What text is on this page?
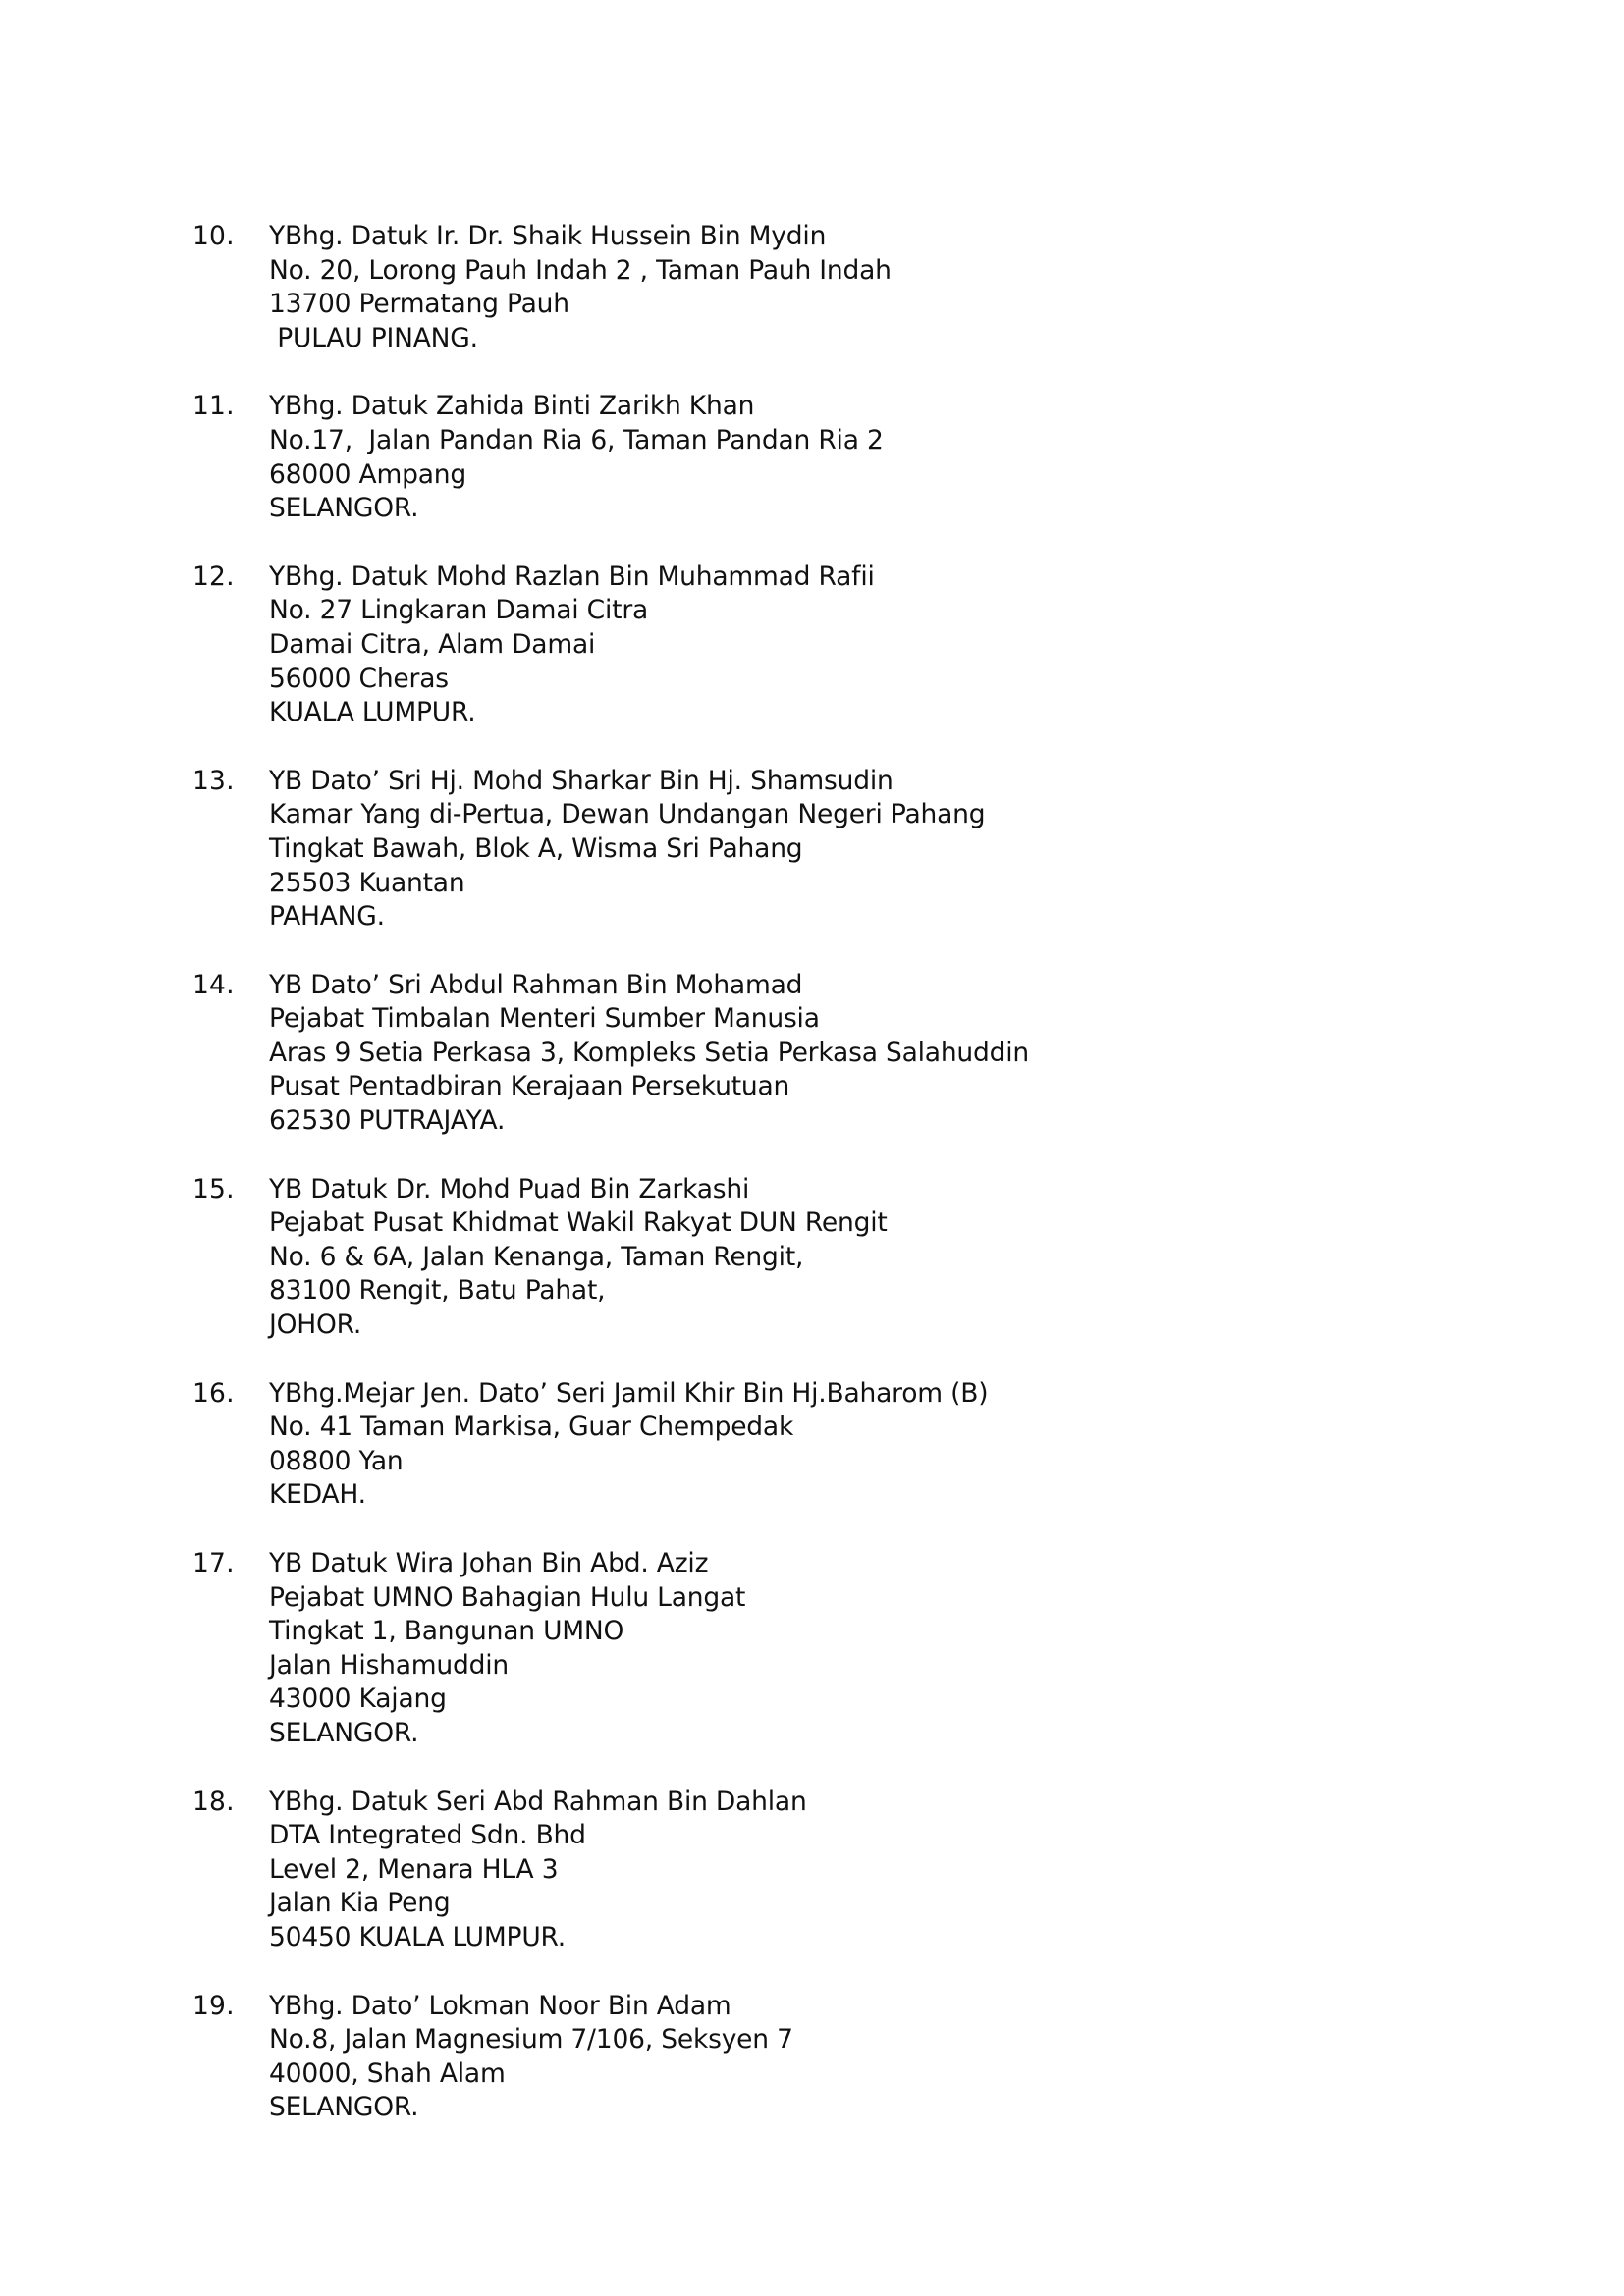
10.	YBhg. Datuk Ir. Dr. Shaik Hussein Bin Mydin
No. 20, Lorong Pauh Indah 2 , Taman Pauh Indah
13700 Permatang Pauh
PULAU PINANG.
11.	YBhg. Datuk Zahida Binti Zarikh Khan
No.17,  Jalan Pandan Ria 6, Taman Pandan Ria 2
68000 Ampang
SELANGOR.
12.	YBhg. Datuk Mohd Razlan Bin Muhammad Rafii
No. 27 Lingkaran Damai Citra
Damai Citra, Alam Damai
56000 Cheras
KUALA LUMPUR.
13.	YB Dato’ Sri Hj. Mohd Sharkar Bin Hj. Shamsudin
Kamar Yang di-Pertua, Dewan Undangan Negeri Pahang
Tingkat Bawah, Blok A, Wisma Sri Pahang
25503 Kuantan
PAHANG.
14.	YB Dato’ Sri Abdul Rahman Bin Mohamad
Pejabat Timbalan Menteri Sumber Manusia
Aras 9 Setia Perkasa 3, Kompleks Setia Perkasa Salahuddin
Pusat Pentadbiran Kerajaan Persekutuan
62530 PUTRAJAYA.
15.	YB Datuk Dr. Mohd Puad Bin Zarkashi
Pejabat Pusat Khidmat Wakil Rakyat DUN Rengit
No. 6 & 6A, Jalan Kenanga, Taman Rengit,
83100 Rengit, Batu Pahat,
JOHOR.
16.	YBhg.Mejar Jen. Dato’ Seri Jamil Khir Bin Hj.Baharom (B)
No. 41 Taman Markisa, Guar Chempedak
08800 Yan
KEDAH.
17.	YB Datuk Wira Johan Bin Abd. Aziz
Pejabat UMNO Bahagian Hulu Langat
Tingkat 1, Bangunan UMNO
Jalan Hishamuddin
43000 Kajang
SELANGOR.
18.	YBhg. Datuk Seri Abd Rahman Bin Dahlan
DTA Integrated Sdn. Bhd
Level 2, Menara HLA 3
Jalan Kia Peng
50450 KUALA LUMPUR.
19.	YBhg. Dato’ Lokman Noor Bin Adam
No.8, Jalan Magnesium 7/106, Seksyen 7
40000, Shah Alam
SELANGOR.
